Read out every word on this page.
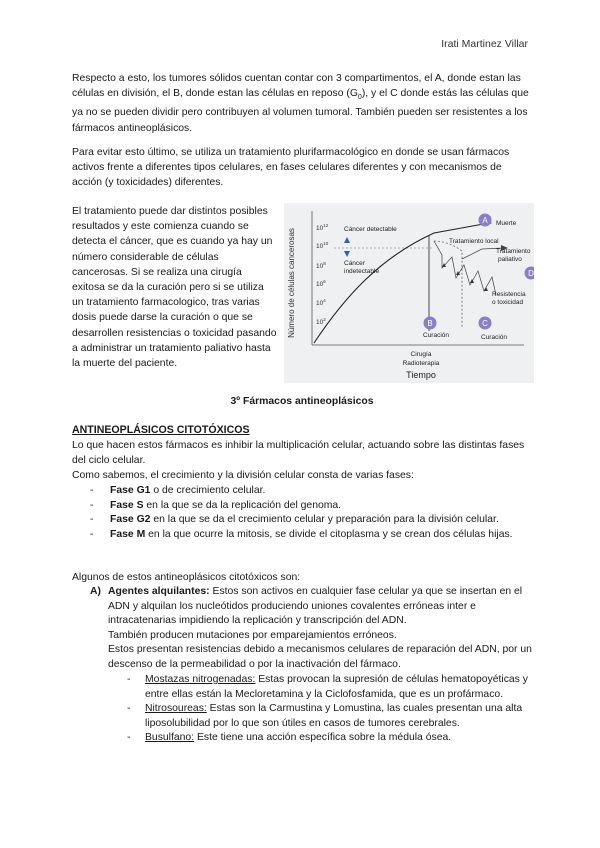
Irati Martinez Villar

Respecto a esto, los tumores sólidos cuentan contar con 3 compartimentos, el A, donde estan las células en división, el B, donde estan las células en reposo $(G_0)$, y el C donde estás las células que ya no se pueden dividir pero contribuyen al volumen tumoral. También pueden ser resistentes a los fármacos antineoplásicos.

Para evitar esto último, se utiliza un tratamiento plurifarmacológico en donde se usan fármacos activos frente a diferentes tipos celulares, en fases celulares diferentes y con mecanismos de acción (y toxicidades) diferentes.

El tratamiento puede dar distintos posibles resultados y este comienza cuando se detecta el cáncer, que es cuando ya hay un número considerable de células cancerosas. Si se realiza una cirugía exitosa se da la curación pero si se utiliza un tratamiento farmacologico, tras varias dosis puede darse la curación o que se desarrollen resistencias o toxicidad pasando a administrar un tratamiento paliativo hasta la muerte del paciente.

Número de células cancerosas	$10^{12}$
$10^{10}$
$10^8$
$10^6$
$10^4$
$10^2$
Cáncer detectable
Cáncer
indetectable
A
B	C
D
Muerte
Tratamiento local
Tratamiento
paliativo
Resistencia
o toxicidad
Curación	Curación
Cirugía
Radioterapia
Tiempo
3º Fármacos antineoplásicos
ANTINEOPLÁSICOS CITOTÓXICOS

Lo que hacen estos fármacos es inhibir la multiplicación celular, actuando sobre las distintas fases del ciclo celular.

Como sabemos, el crecimiento y la división celular consta de varias fases:

- Fase G1 o de crecimiento celular.
- Fase S en la que se da la replicación del genoma.
- Fase G2 en la que se da el crecimiento celular y preparación para la división celular.
- Fase M en la que ocurre la mitosis, se divide el citoplasma y se crean dos células hijas.

Algunos de estos antineoplásicos citotóxicos son:

A) Agentes alquilantes: Estos son activos en cualquier fase celular ya que se insertan en el ADN y alquilan los nucleótidos produciendo uniones covalentes erróneas inter e intracatenarias impidiendo la replicación y transcripción del ADN.
También producen mutaciones por emparejamientos erróneos.
Estos presentan resistencias debido a mecanismos celulares de reparación del ADN, por un descenso de la permeabilidad o por la inactivación del fármaco.
- Mostazas nitrogenadas: Estas provocan la supresión de células hematopoyéticas y entre ellas están la Mecloretamina y la Ciclofosfamida, que es un profármaco.
- Nitrosoureas: Estas son la Carmustina y Lomustina, las cuales presentan una alta liposolubilidad por lo que son útiles en casos de tumores cerebrales.
- Busulfano: Este tiene una acción específica sobre la médula ósea.
